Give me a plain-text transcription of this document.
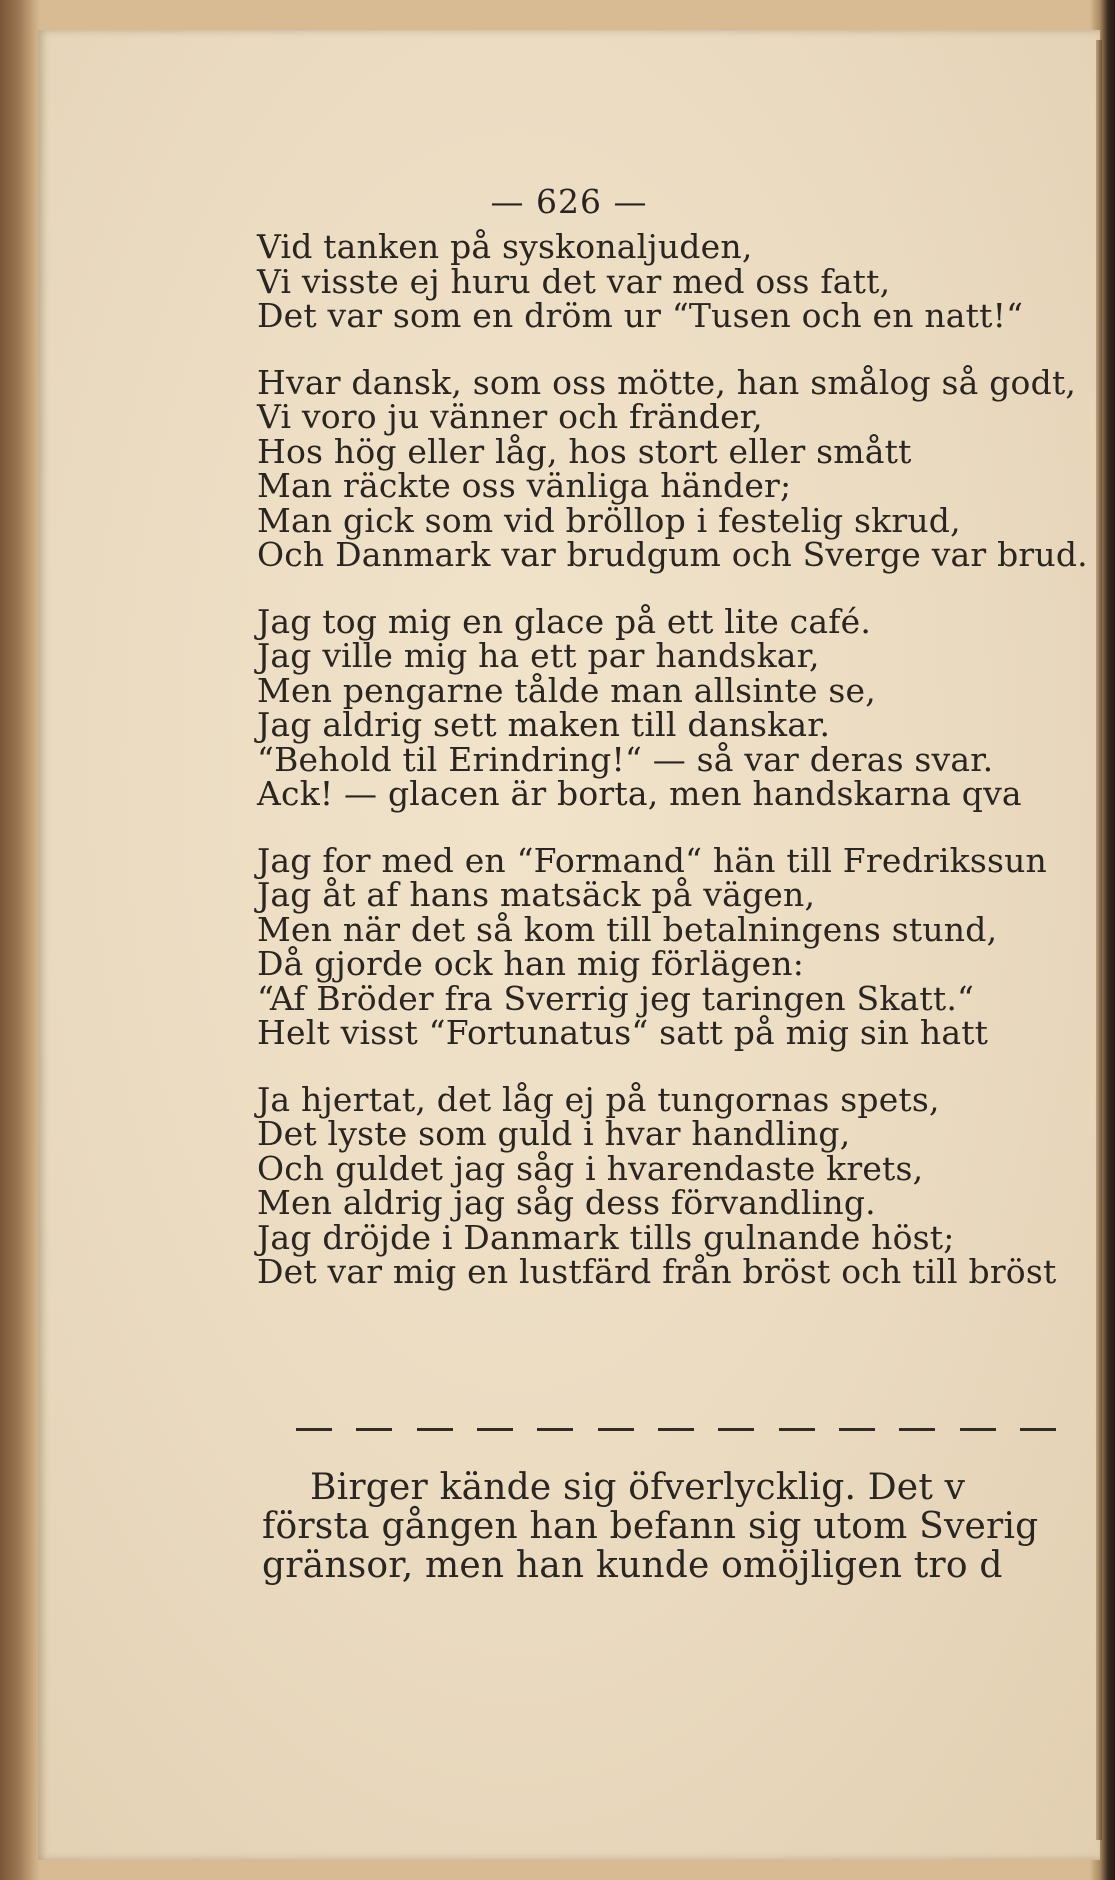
— 626 —
Vid tanken på syskonaljuden,
Vi visste ej huru det var med oss fatt,
Det var som en dröm ur “Tusen och en natt!“
Hvar dansk, som oss mötte, han smålog så godt,
Vi voro ju vänner och fränder,
Hos hög eller låg, hos stort eller smått
Man räckte oss vänliga händer;
Man gick som vid bröllop i festelig skrud,
Och Danmark var brudgum och Sverge var brud.
Jag tog mig en glace på ett lite café.
Jag ville mig ha ett par handskar,
Men pengarne tålde man allsinte se,
Jag aldrig sett maken till danskar.
“Behold til Erindring!“ — så var deras svar.
Ack! — glacen är borta, men handskarna qva
Jag for med en “Formand“ hän till Fredrikssun
Jag åt af hans matsäck på vägen,
Men när det så kom till betalningens stund,
Då gjorde ock han mig förlägen:
“Af Bröder fra Sverrig jeg taringen Skatt.“
Helt visst “Fortunatus“ satt på mig sin hatt
Ja hjertat, det låg ej på tungornas spets,
Det lyste som guld i hvar handling,
Och guldet jag såg i hvarendaste krets,
Men aldrig jag såg dess förvandling.
Jag dröjde i Danmark tills gulnande höst;
Det var mig en lustfärd från bröst och till bröst
Birger kände sig öfverlycklig. Det v
första gången han befann sig utom Sverig
gränsor, men han kunde omöjligen tro d
